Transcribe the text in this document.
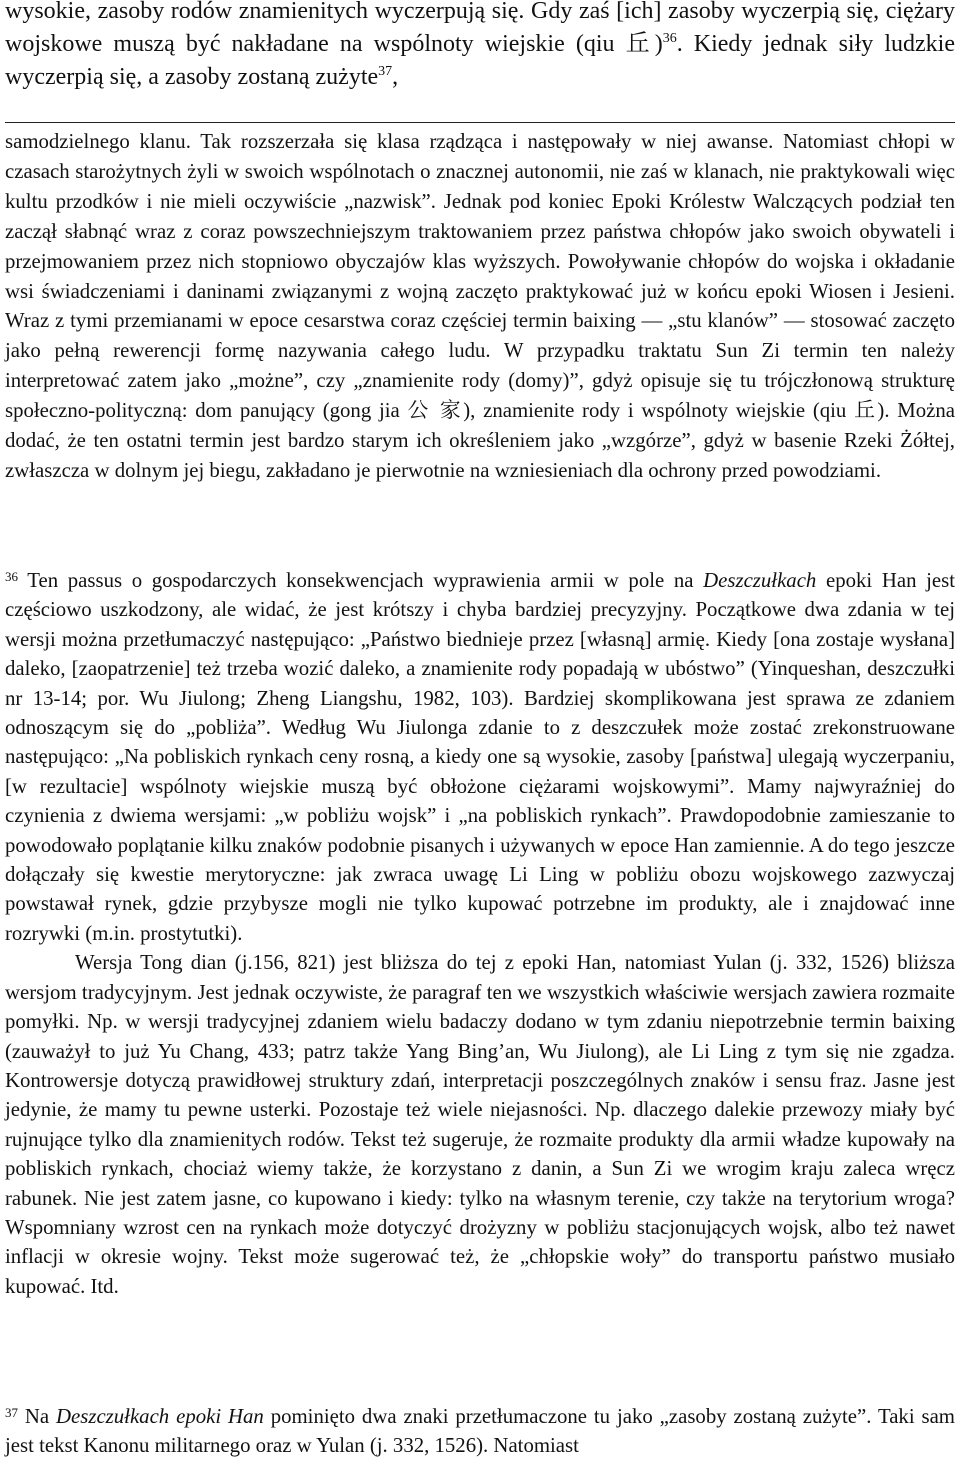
wysokie, zasoby rodów znamienitych wyczerpują się. Gdy zaś [ich] zasoby wyczerpią się, ciężary wojskowe muszą być nakładane na wspólnoty wiejskie (qiu 丘)$^{36}$. Kiedy jednak siły ludzkie wyczerpią się, a zasoby zostaną zużyte$^{37}$,

samodzielnego klanu. Tak rozszerzała się klasa rządząca i następowały w niej awanse. Natomiast chłopi w czasach starożytnych żyli w swoich wspólnotach o znacznej autonomii, nie zaś w klanach, nie praktykowali więc kultu przodków i nie mieli oczywiście „nazwisk”. Jednak pod koniec Epoki Królestw Walczących podział ten zaczął słabnąć wraz z coraz powszechniejszym traktowaniem przez państwa chłopów jako swoich obywateli i przejmowaniem przez nich stopniowo obyczajów klas wyższych. Powoływanie chłopów do wojska i okładanie wsi świadczeniami i daninami związanymi z wojną zaczęto praktykować już w końcu epoki Wiosen i Jesieni. Wraz z tymi przemianami w epoce cesarstwa coraz częściej termin baixing — „stu klanów” — stosować zaczęto jako pełną rewerencji formę nazywania całego ludu. W przypadku traktatu Sun Zi termin ten należy interpretować zatem jako „możne”, czy „znamienite rody (domy)”, gdyż opisuje się tu trójczłonową strukturę społeczno-polityczną: dom panujący (gong jia 公 家), znamienite rody i wspólnoty wiejskie (qiu 丘). Można dodać, że ten ostatni termin jest bardzo starym ich określeniem jako „wzgórze”, gdyż w basenie Rzeki Żółtej, zwłaszcza w dolnym jej biegu, zakładano je pierwotnie na wzniesieniach dla ochrony przed powodziami.

$^{36}$ Ten passus o gospodarczych konsekwencjach wyprawienia armii w pole na Deszczułkach epoki Han jest częściowo uszkodzony, ale widać, że jest krótszy i chyba bardziej precyzyjny. Początkowe dwa zdania w tej wersji można przetłumaczyć następująco: „Państwo biednieje przez [własną] armię. Kiedy [ona zostaje wysłana] daleko, [zaopatrzenie] też trzeba wozić daleko, a znamienite rody popadają w ubóstwo” (Yinqueshan, deszczułki nr 13-14; por. Wu Jiulong; Zheng Liangshu, 1982, 103). Bardziej skomplikowana jest sprawa ze zdaniem odnoszącym się do „pobliża”. Według Wu Jiulonga zdanie to z deszczułek może zostać zrekonstruowane następująco: „Na pobliskich rynkach ceny rosną, a kiedy one są wysokie, zasoby [państwa] ulegają wyczerpaniu, [w rezultacie] wspólnoty wiejskie muszą być obłożone ciężarami wojskowymi”. Mamy najwyraźniej do czynienia z dwiema wersjami: „w pobliżu wojsk” i „na pobliskich rynkach”. Prawdopodobnie zamieszanie to powodowało poplątanie kilku znaków podobnie pisanych i używanych w epoce Han zamiennie. A do tego jeszcze dołączały się kwestie merytoryczne: jak zwraca uwagę Li Ling w pobliżu obozu wojskowego zazwyczaj powstawał rynek, gdzie przybysze mogli nie tylko kupować potrzebne im produkty, ale i znajdować inne rozrywki (m.in. prostytutki).
Wersja Tong dian (j.156, 821) jest bliższa do tej z epoki Han, natomiast Yulan (j. 332, 1526) bliższa wersjom tradycyjnym. Jest jednak oczywiste, że paragraf ten we wszystkich właściwie wersjach zawiera rozmaite pomyłki. Np. w wersji tradycyjnej zdaniem wielu badaczy dodano w tym zdaniu niepotrzebnie termin baixing (zauważył to już Yu Chang, 433; patrz także Yang Bing’an, Wu Jiulong), ale Li Ling z tym się nie zgadza. Kontrowersje dotyczą prawidłowej struktury zdań, interpretacji poszczególnych znaków i sensu fraz. Jasne jest jedynie, że mamy tu pewne usterki. Pozostaje też wiele niejasności. Np. dlaczego dalekie przewozy miały być rujnujące tylko dla znamienitych rodów. Tekst też sugeruje, że rozmaite produkty dla armii władze kupowały na pobliskich rynkach, chociaż wiemy także, że korzystano z danin, a Sun Zi we wrogim kraju zaleca wręcz rabunek. Nie jest zatem jasne, co kupowano i kiedy: tylko na własnym terenie, czy także na terytorium wroga? Wspomniany wzrost cen na rynkach może dotyczyć drożyzny w pobliżu stacjonujących wojsk, albo też nawet inflacji w okresie wojny. Tekst może sugerować też, że „chłopskie woły” do transportu państwo musiało kupować. Itd.

$^{37}$ Na Deszczułkach epoki Han pominięto dwa znaki przetłumaczone tu jako „zasoby zostaną zużyte”. Taki sam jest tekst Kanonu militarnego oraz w Yulan (j. 332, 1526). Natomiast
